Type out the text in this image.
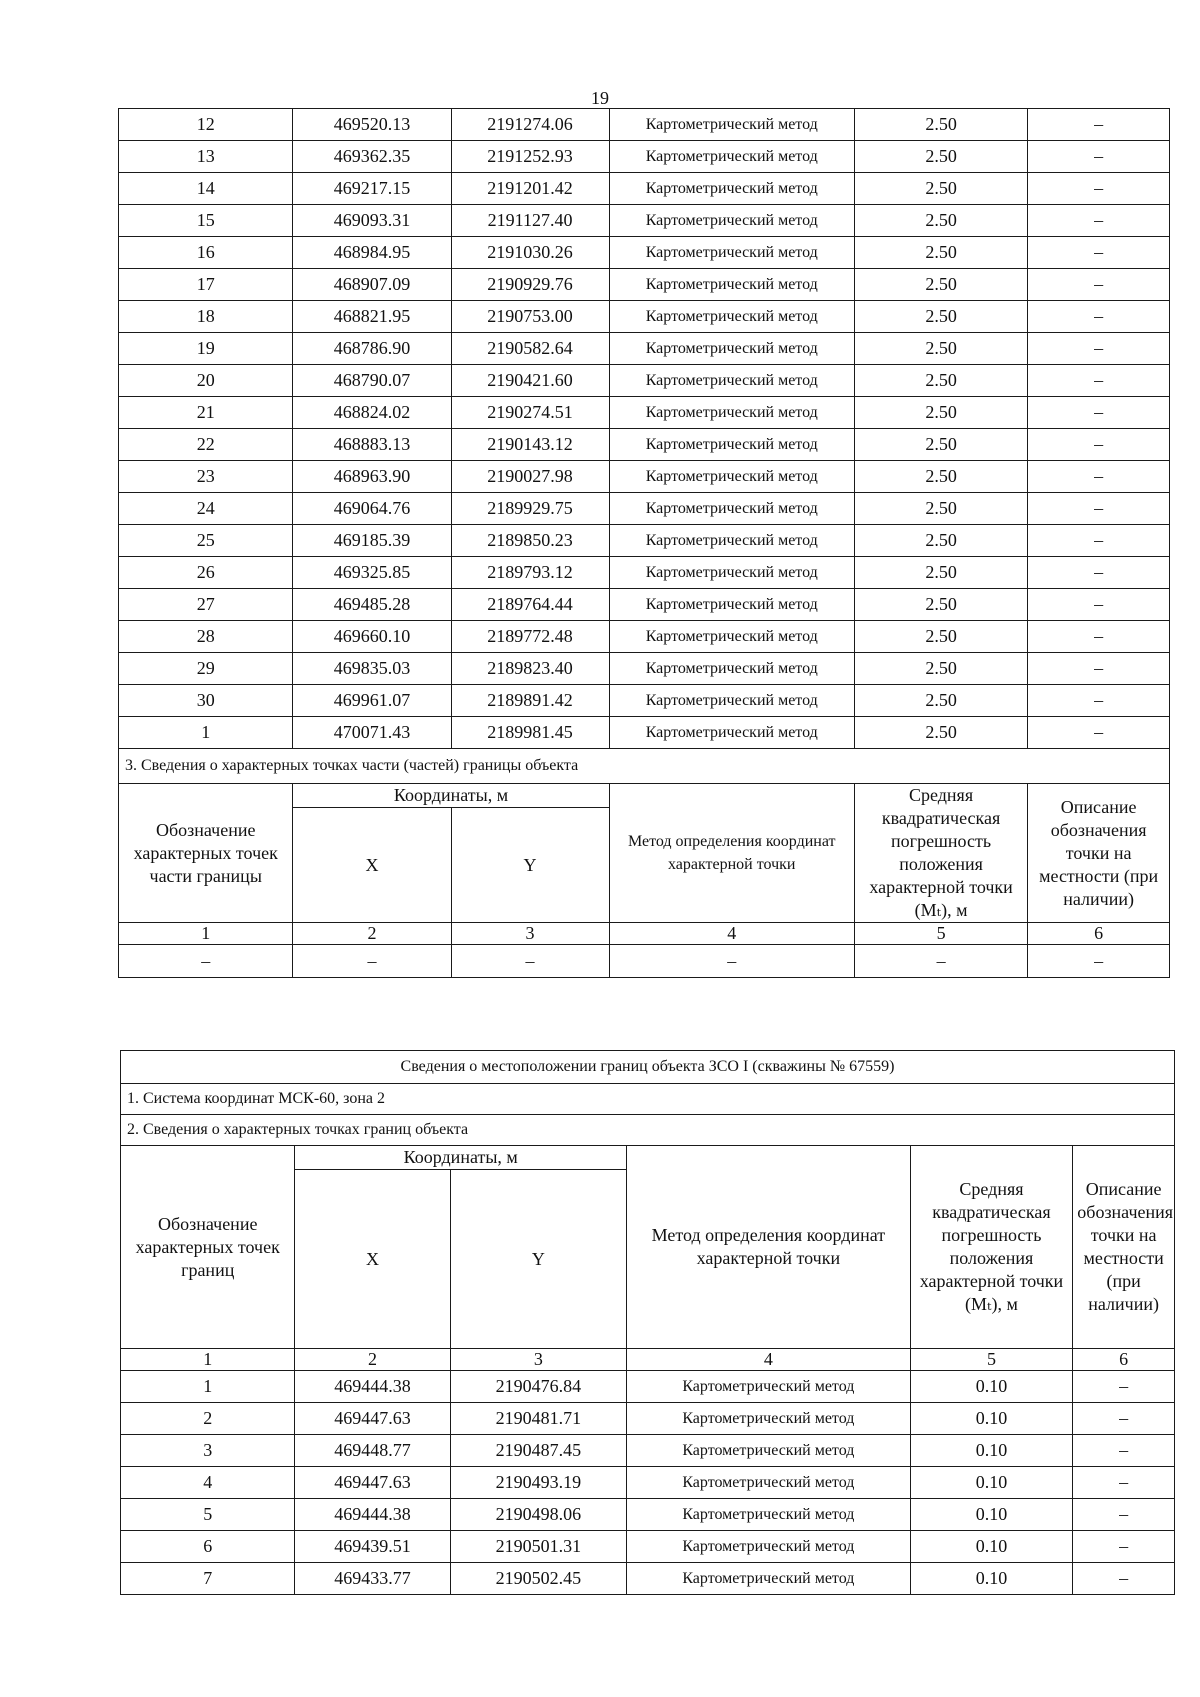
19
12	469520.13	2191274.06	Картометрический метод	2.50	–
13	469362.35	2191252.93	Картометрический метод	2.50	–
14	469217.15	2191201.42	Картометрический метод	2.50	–
15	469093.31	2191127.40	Картометрический метод	2.50	–
16	468984.95	2191030.26	Картометрический метод	2.50	–
17	468907.09	2190929.76	Картометрический метод	2.50	–
18	468821.95	2190753.00	Картометрический метод	2.50	–
19	468786.90	2190582.64	Картометрический метод	2.50	–
20	468790.07	2190421.60	Картометрический метод	2.50	–
21	468824.02	2190274.51	Картометрический метод	2.50	–
22	468883.13	2190143.12	Картометрический метод	2.50	–
23	468963.90	2190027.98	Картометрический метод	2.50	–
24	469064.76	2189929.75	Картометрический метод	2.50	–
25	469185.39	2189850.23	Картометрический метод	2.50	–
26	469325.85	2189793.12	Картометрический метод	2.50	–
27	469485.28	2189764.44	Картометрический метод	2.50	–
28	469660.10	2189772.48	Картометрический метод	2.50	–
29	469835.03	2189823.40	Картометрический метод	2.50	–
30	469961.07	2189891.42	Картометрический метод	2.50	–
1	470071.43	2189981.45	Картометрический метод	2.50	–
3. Сведения о характерных точках части (частей) границы объекта					
Обозначение характерных точек части границы	Координаты, м		Метод определения координат характерной точки	Средняя квадратическая погрешность положения характерной точки (Mₜ), м	Описание обозначения точки на местности (при наличии)
	X	Y			
1	2	3	4	5	6
–	–	–	–	–	–
Сведения о местоположении границ объекта ЗСО I (скважины № 67559)					
1. Система координат МСК-60, зона 2					
2. Сведения о характерных точках границ объекта					
Обозначение характерных точек границ	Координаты, м		Метод определения координат характерной точки	Средняя квадратическая погрешность положения характерной точки (Mₜ), м	Описание обозначения точки на местности (при наличии)
	X	Y			
1	2	3	4	5	6
1	469444.38	2190476.84	Картометрический метод	0.10	–
2	469447.63	2190481.71	Картометрический метод	0.10	–
3	469448.77	2190487.45	Картометрический метод	0.10	–
4	469447.63	2190493.19	Картометрический метод	0.10	–
5	469444.38	2190498.06	Картометрический метод	0.10	–
6	469439.51	2190501.31	Картометрический метод	0.10	–
7	469433.77	2190502.45	Картометрический метод	0.10	–
